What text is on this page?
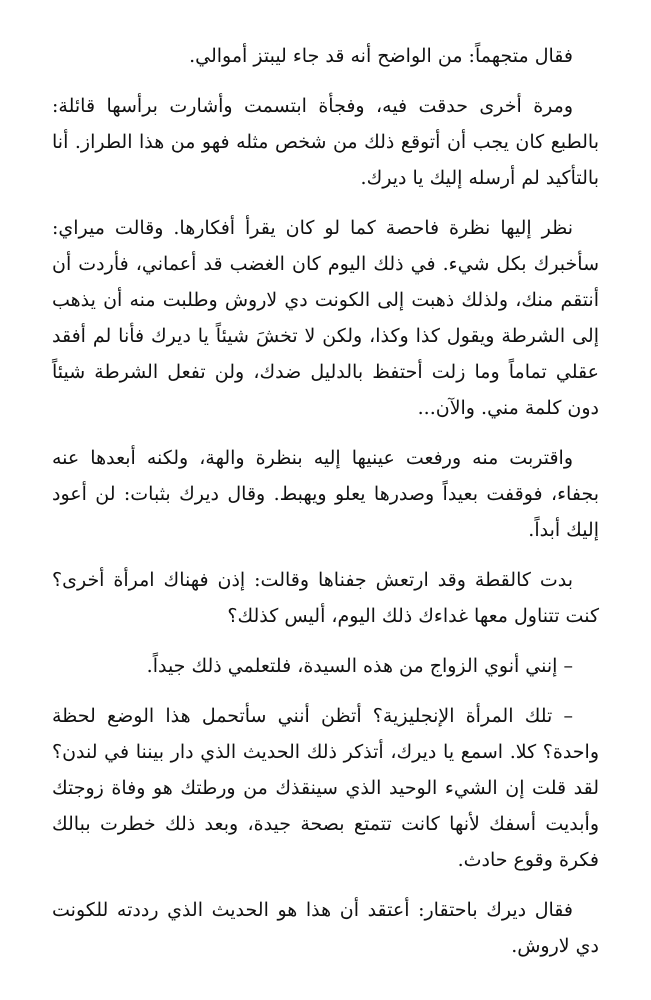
فقال متجهماً: من الواضح أنه قد جاء ليبتز أموالي.

ومرة أخرى حدقت فيه، وفجأة ابتسمت وأشارت برأسها قائلة: بالطبع كان يجب أن أتوقع ذلك من شخص مثله فهو من هذا الطراز. أنا بالتأكيد لم أرسله إليك يا ديرك.

نظر إليها نظرة فاحصة كما لو كان يقرأ أفكارها. وقالت ميراي: سأخبرك بكل شيء. في ذلك اليوم كان الغضب قد أعماني، فأردت أن أنتقم منك، ولذلك ذهبت إلى الكونت دي لاروش وطلبت منه أن يذهب إلى الشرطة ويقول كذا وكذا، ولكن لا تخشَ شيئاً يا ديرك فأنا لم أفقد عقلي تماماً وما زلت أحتفظ بالدليل ضدك، ولن تفعل الشرطة شيئاً دون كلمة مني. والآن...

واقتربت منه ورفعت عينيها إليه بنظرة والهة، ولكنه أبعدها عنه بجفاء، فوقفت بعيداً وصدرها يعلو ويهبط. وقال ديرك بثبات: لن أعود إليك أبداً.

بدت كالقطة وقد ارتعش جفناها وقالت: إذن فهناك امرأة أخرى؟ كنت تتناول معها غداءك ذلك اليوم، أليس كذلك؟

– إنني أنوي الزواج من هذه السيدة، فلتعلمي ذلك جيداً.

– تلك المرأة الإنجليزية؟ أتظن أنني سأتحمل هذا الوضع لحظة واحدة؟ كلا. اسمع يا ديرك، أتذكر ذلك الحديث الذي دار بيننا في لندن؟ لقد قلت إن الشيء الوحيد الذي سينقذك من ورطتك هو وفاة زوجتك وأبديت أسفك لأنها كانت تتمتع بصحة جيدة، وبعد ذلك خطرت ببالك فكرة وقوع حادث.

فقال ديرك باحتقار: أعتقد أن هذا هو الحديث الذي رددته للكونت دي لاروش.
